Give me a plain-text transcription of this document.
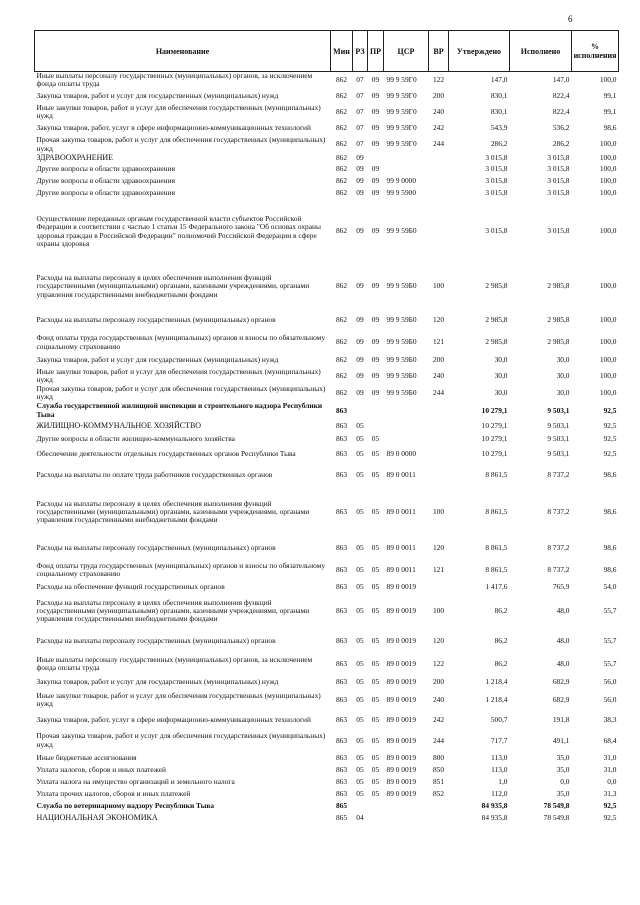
6
Наименование	Мин	РЗ	ПР	ЦСР	ВР	Утверждено	Исполнено	% исполнения
Иные выплаты персоналу государственных (муниципальных) органов, за исключением фонда оплаты труда	862	07	09	99 9 59Г0	122	147,0	147,0	100,0
Закупка товаров, работ и услуг для государственных (муниципальных) нужд	862	07	09	99 9 59Г0	200	830,1	822,4	99,1
Иные закупки товаров, работ и услуг для обеспечения государственных (муниципальных) нужд	862	07	09	99 9 59Г0	240	830,1	822,4	99,1
Закупка товаров, работ, услуг в сфере информационно-коммуникационных технологий	862	07	09	99 9 59Г0	242	543,9	536,2	98,6
Прочая закупка товаров, работ и услуг для обеспечения государственных (муниципальных) нужд	862	07	09	99 9 59Г0	244	286,2	286,2	100,0
ЗДРАВООХРАНЕНИЕ	862	09				3 015,8	3 015,8	100,0
Другие вопросы в области здравоохранения	862	09	09			3 015,8	3 015,8	100,0
Другие вопросы в области здравоохранения	862	09	09	99 9 0000		3 015,8	3 015,8	100,0
Другие вопросы в области здравоохранения	862	09	09	99 9 5900		3 015,8	3 015,8	100,0
Осуществление переданных органам государственной власти субъектов Российской Федерации в соответствии с частью 1 статьи 15 Федерального закона "Об основах охраны здоровья граждан в Российской Федерации" полномочий Российской Федерации в сфере охраны здоровья	862	09	09	99 9 59Б0		3 015,8	3 015,8	100,0
Расходы на выплаты персоналу в целях обеспечения выполнения функций государственными (муниципальными) органами, казенными учреждениями, органами управления государственными внебюджетными фондами	862	09	09	99 9 59Б0	100	2 985,8	2 985,8	100,0
Расходы на выплаты персоналу государственных (муниципальных) органов	862	09	09	99 9 59Б0	120	2 985,8	2 985,8	100,0
Фонд оплаты труда государственных (муниципальных) органов и взносы по обязательному социальному страхованию	862	09	09	99 9 59Б0	121	2 985,8	2 985,8	100,0
Закупка товаров, работ и услуг для государственных (муниципальных) нужд	862	09	09	99 9 59Б0	200	30,0	30,0	100,0
Иные закупки товаров, работ и услуг для обеспечения государственных (муниципальных) нужд	862	09	09	99 9 59Б0	240	30,0	30,0	100,0
Прочая закупка товаров, работ и услуг для обеспечения государственных (муниципальных) нужд	862	09	09	99 9 59Б0	244	30,0	30,0	100,0
Служба государственной жилищной инспекции и строительного надзора Республики Тыва	863					10 279,1	9 503,1	92,5
ЖИЛИЩНО-КОММУНАЛЬНОЕ ХОЗЯЙСТВО	863	05				10 279,1	9 503,1	92,5
Другие вопросы в области жилищно-коммунального хозяйства	863	05	05			10 279,1	9 503,1	92,5
Обеспечение деятельности отдельных государственных органов Республики Тыва	863	05	05	89 0 0000		10 279,1	9 503,1	92,5
Расходы на выплаты по оплате труда работников государственных органов	863	05	05	89 0 0011		8 861,5	8 737,2	98,6
Расходы на выплаты персоналу в целях обеспечения выполнения функций государственными (муниципальными) органами, казенными учреждениями, органами управления государственными внебюджетными фондами	863	05	05	89 0 0011	100	8 861,5	8 737,2	98,6
Расходы на выплаты персоналу государственных (муниципальных) органов	863	05	05	89 0 0011	120	8 861,5	8 737,2	98,6
Фонд оплаты труда государственных (муниципальных) органов и взносы по обязательному социальному страхованию	863	05	05	89 0 0011	121	8 861,5	8 737,2	98,6
Расходы на обеспечение функций государственных органов	863	05	05	89 0 0019		1 417,6	765,9	54,0
Расходы на выплаты персоналу в целях обеспечения выполнения функций государственными (муниципальными) органами, казенными учреждениями, органами управления государственными внебюджетными фондами	863	05	05	89 0 0019	100	86,2	48,0	55,7
Расходы на выплаты персоналу государственных (муниципальных) органов	863	05	05	89 0 0019	120	86,2	48,0	55,7
Иные выплаты персоналу государственных (муниципальных) органов, за исключением фонда оплаты труда	863	05	05	89 0 0019	122	86,2	48,0	55,7
Закупка товаров, работ и услуг для государственных (муниципальных) нужд	863	05	05	89 0 0019	200	1 218,4	682,9	56,0
Иные закупки товаров, работ и услуг для обеспечения государственных (муниципальных) нужд	863	05	05	89 0 0019	240	1 218,4	682,9	56,0
Закупка товаров, работ, услуг в сфере информационно-коммуникационных технологий	863	05	05	89 0 0019	242	500,7	191,8	38,3
Прочая закупка товаров, работ и услуг для обеспечения государственных (муниципальных) нужд	863	05	05	89 0 0019	244	717,7	491,1	68,4
Иные бюджетные ассигнования	863	05	05	89 0 0019	800	113,0	35,0	31,0
Уплата налогов, сборов и иных платежей	863	05	05	89 0 0019	850	113,0	35,0	31,0
Уплата налога на имущество организаций и земельного налога	863	05	05	89 0 0019	851	1,0	0,0	0,0
Уплата прочих налогов, сборов и иных платежей	863	05	05	89 0 0019	852	112,0	35,0	31,3
Служба по ветеринарному надзору Республики Тыва	865					84 935,8	78 549,8	92,5
НАЦИОНАЛЬНАЯ ЭКОНОМИКА	865	04				84 935,8	78 549,8	92,5
